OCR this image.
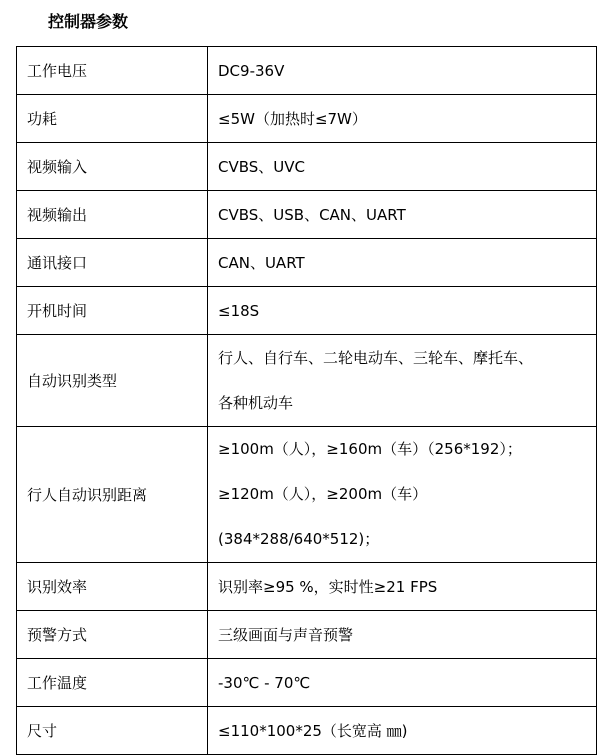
控制器参数
工作电压	DC9-36V
功耗	≤5W（加热时≤7W）
视频输入	CVBS、UVC
视频输出	CVBS、USB、CAN、UART
通讯接口	CAN、UART
开机时间	≤18S
自动识别类型	行人、自行车、二轮电动车、三轮车、摩托车、
各种机动车

行人自动识别距离	≥100m（人），≥160m（车）（256*192）；
≥120m（人），≥200m（车）(384*288/640*512)；

识别效率	识别率≥95 %，实时性≥21 FPS
预警方式	三级画面与声音预警
工作温度	-30℃ - 70℃
尺寸	≤110*100*25（长宽高 ㎜)
